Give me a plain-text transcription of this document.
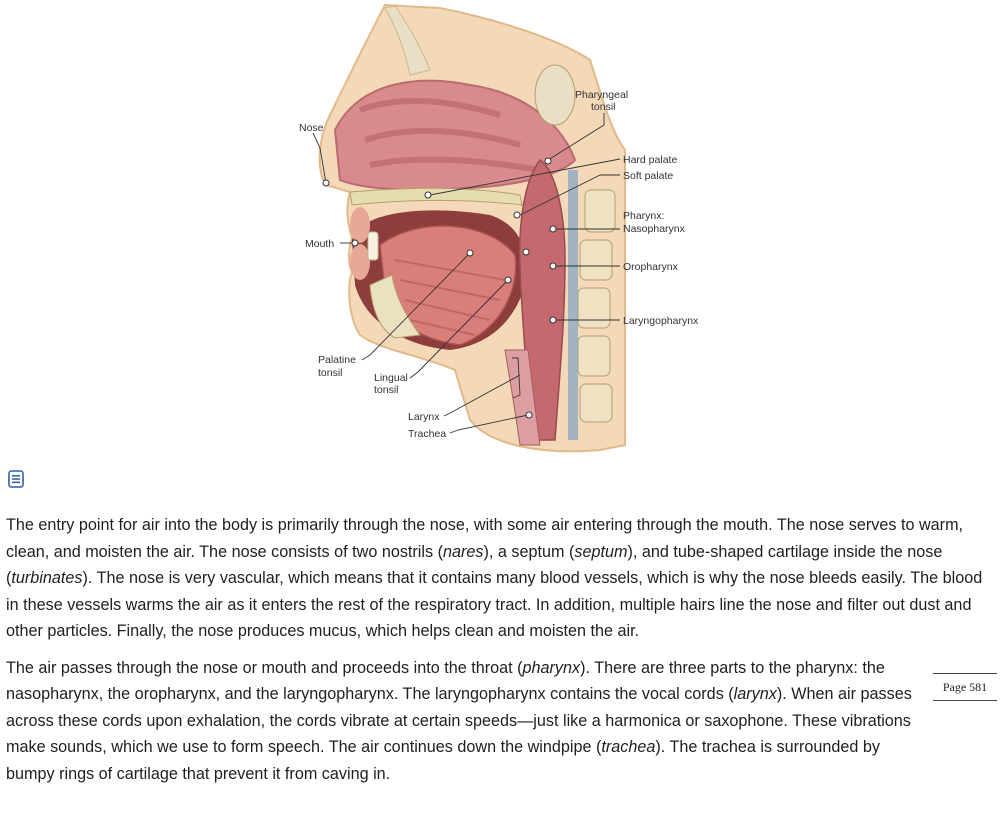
Nose
Pharyngeal
tonsil
Hard palate
Soft palate
Pharynx:
Nasopharynx
Mouth
Oropharynx
Laryngopharynx
Palatine
tonsil	Lingual
tonsil
Larynx
Trachea
Page 581

The entry point for air into the body is primarily through the nose, with some air entering through the mouth. The nose serves to warm, clean, and moisten the air. The nose consists of two nostrils (nares), a septum (septum), and tube-shaped cartilage inside the nose (turbinates). The nose is very vascular, which means that it contains many blood vessels, which is why the nose bleeds easily. The blood in these vessels warms the air as it enters the rest of the respiratory tract. In addition, multiple hairs line the nose and filter out dust and other particles. Finally, the nose produces mucus, which helps clean and moisten the air.

The air passes through the nose or mouth and proceeds into the throat (pharynx). There are three parts to the pharynx: the nasopharynx, the oropharynx, and the laryngopharynx. The laryngopharynx contains the vocal cords (larynx). When air passes across these cords upon exhalation, the cords vibrate at certain speeds—just like a harmonica or saxophone. These vibrations make sounds, which we use to form speech. The air continues down the windpipe (trachea). The trachea is surrounded by bumpy rings of cartilage that prevent it from caving in.
